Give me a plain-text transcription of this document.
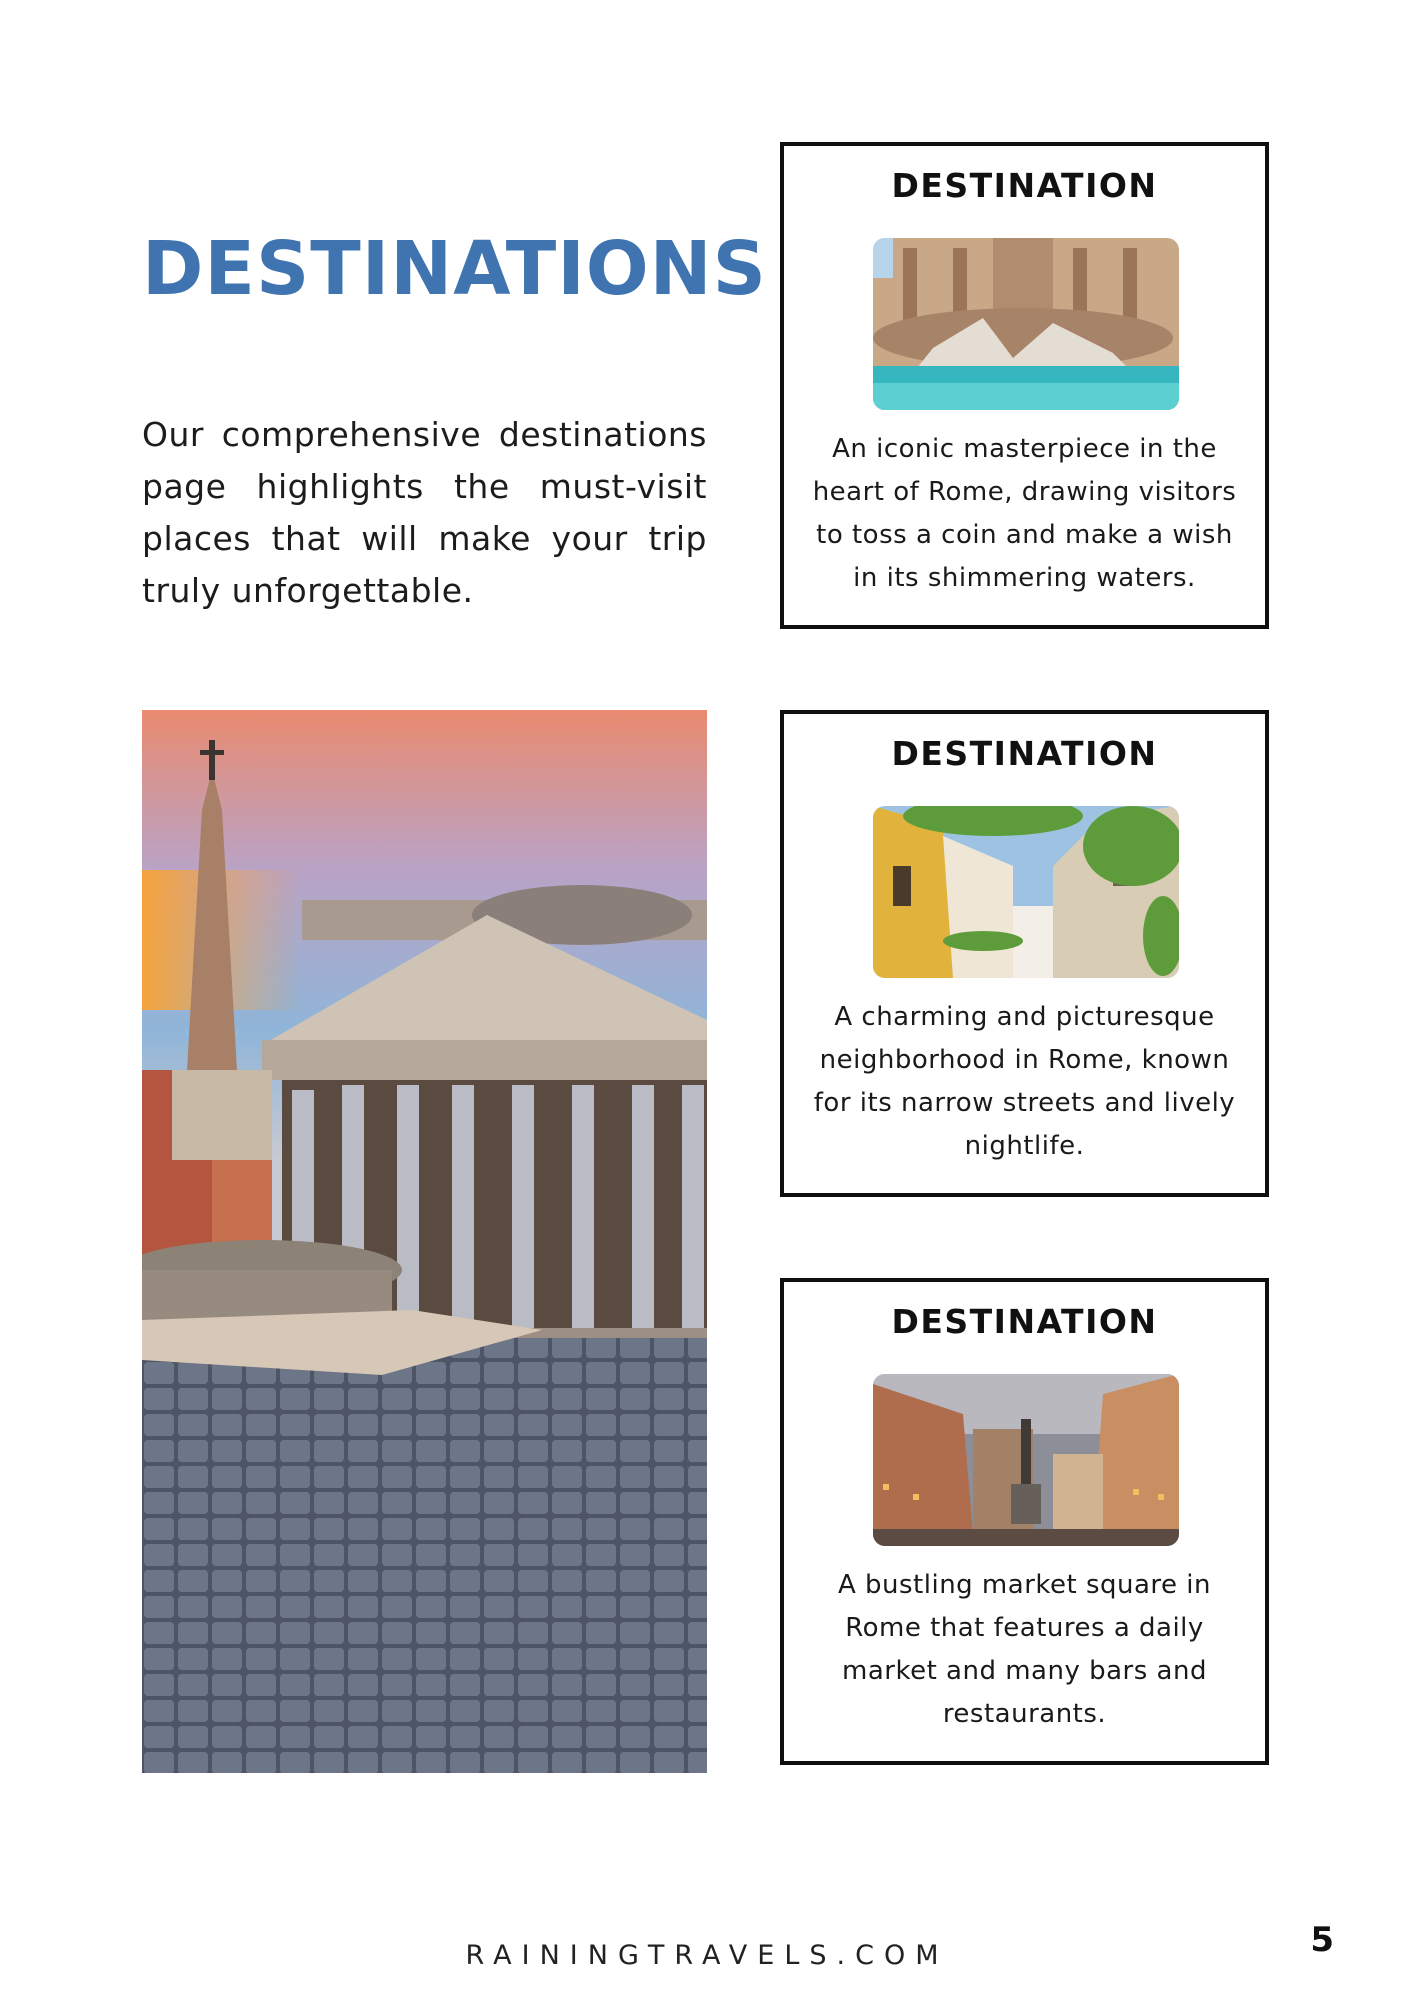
DESTINATIONS

Our comprehensive destinations page highlights the must-visit places that will make your trip truly unforgettable.

DESTINATION

An iconic masterpiece in the heart of Rome, drawing visitors to toss a coin and make a wish in its shimmering waters.

DESTINATION

A charming and picturesque neighborhood in Rome, known for its narrow streets and lively nightlife.

DESTINATION

A bustling market square in Rome that features a daily market and many bars and restaurants.

RAININGTRAVELS.COM	5
